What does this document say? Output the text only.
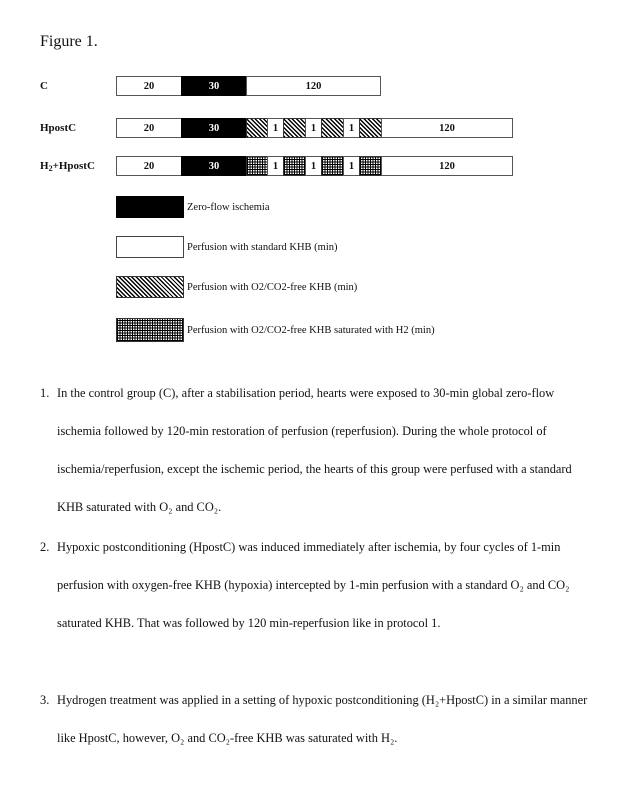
Figure 1.
C	20	30	120
HpostC	20	30	1	1	1	120
$H_2+HpostC$	20	30	1	1	1	120
Zero-flow ischemia
Perfusion with standard KHB (min)
Perfusion with O2/CO2-free KHB (min)
Perfusion with O2/CO2-free KHB saturated with H2 (min)
1. In the control group (C), after a stabilisation period, hearts were exposed to 30-min global zero-flow ischemia followed by 120-min restoration of perfusion (reperfusion). During the whole protocol of ischemia/reperfusion, except the ischemic period, the hearts of this group were perfused with a standard KHB saturated with O₂ and CO₂.
2. Hypoxic postconditioning (HpostC) was induced immediately after ischemia, by four cycles of 1-min perfusion with oxygen-free KHB (hypoxia) intercepted by 1-min perfusion with a standard O₂ and CO₂ saturated KHB. That was followed by 120 min-reperfusion like in protocol 1.
3. Hydrogen treatment was applied in a setting of hypoxic postconditioning (H₂+HpostC) in a similar manner like HpostC, however, O₂ and CO₂-free KHB was saturated with H₂.
